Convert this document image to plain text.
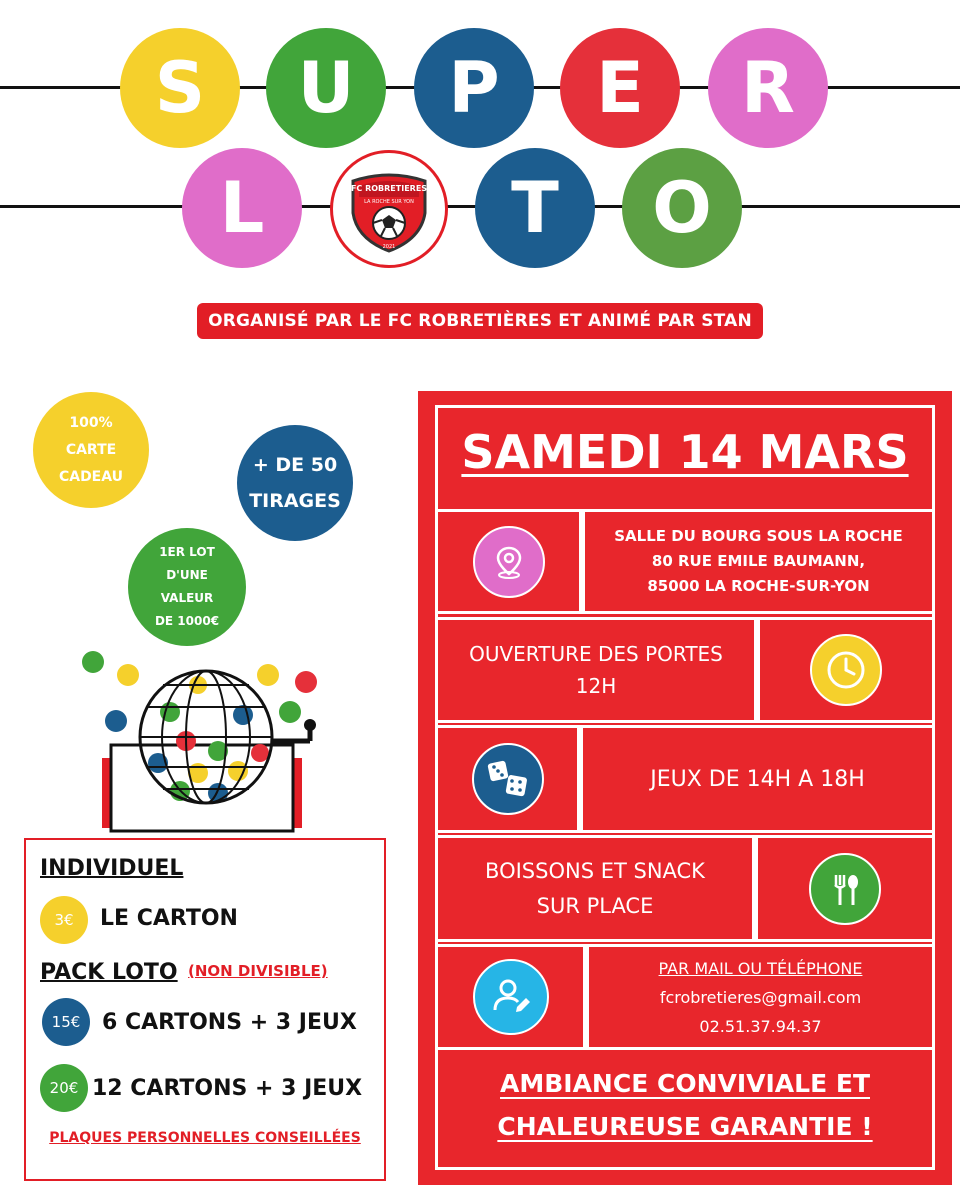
S U P E R
L	FC ROBRETIERES
LA ROCHE SUR YON
2021 T O
ORGANISÉ PAR LE FC ROBRETIÈRES ET ANIMÉ PAR STAN
100%
CARTE
CADEAU
+ DE 50
TIRAGES
1ER LOT
D'UNE
VALEUR
DE 1000€
INDIVIDUEL
3€ LE CARTON
PACK LOTO (NON DIVISIBLE)
15€ 6 CARTONS + 3 JEUX
20€ 12 CARTONS + 3 JEUX
PLAQUES PERSONNELLES CONSEILLÉES
SAMEDI 14 MARS
SALLE DU BOURG SOUS LA ROCHE
80 RUE EMILE BAUMANN,
85000 LA ROCHE-SUR-YON
OUVERTURE DES PORTES
12H
JEUX DE 14H A 18H
BOISSONS ET SNACK
SUR PLACE
PAR MAIL OU TÉLÉPHONE
fcrobretieres@gmail.com
02.51.37.94.37
AMBIANCE CONVIVIALE ET
CHALEUREUSE GARANTIE !
